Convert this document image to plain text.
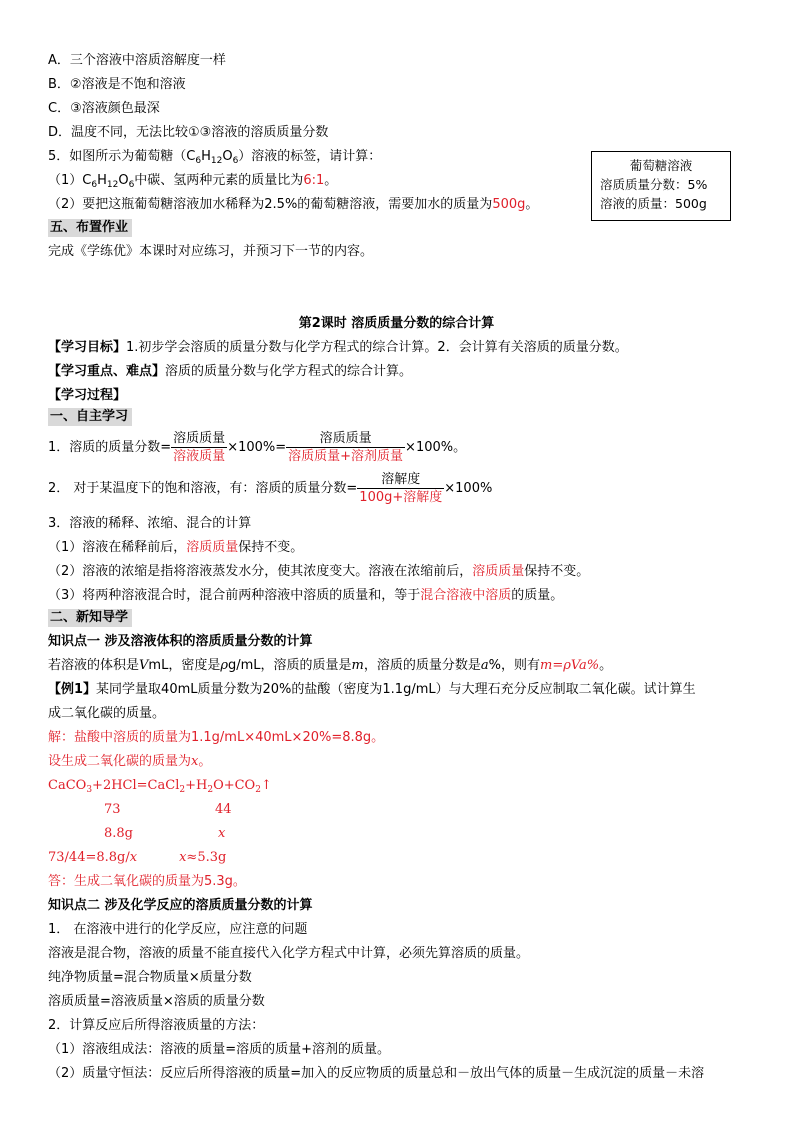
A．三个溶液中溶质溶解度一样
B．②溶液是不饱和溶液
C．③溶液颜色最深
D．温度不同，无法比较①③溶液的溶质质量分数
5．如图所示为葡萄糖$(C_6H_{12}O_6)$溶液的标签，请计算：
$(1)C_6H_{12}O_6$中碳、氢两种元素的质量比为6:1。
（2）要把这瓶葡萄糖溶液加水稀释为2.5%的葡萄糖溶液，需要加水的质量为500g。
葡萄糖溶液
溶质质量分数：5%
溶液的质量：500g
五、布置作业
完成《学练优》本课时对应练习，并预习下一节的内容。
第2课时 溶质质量分数的综合计算
【学习目标】1.初步学会溶质的质量分数与化学方程式的综合计算。2．会计算有关溶质的质量分数。
【学习重点、难点】溶质的质量分数与化学方程式的综合计算。
【学习过程】
一、自主学习
1．溶质的质量分数= $\frac{\text{溶质质量}}{\text{溶液质量}} \times 100\%= \frac{\text{溶质质量}}{\text{溶质质量+溶剂质量}} \times 100\%$。
2． 对于某温度下的饱和溶液，有：溶质的质量分数= $\frac{\text{溶解度}}{\text{100g+溶解度}} \times 100\%$
3．溶液的稀释、浓缩、混合的计算
（1）溶液在稀释前后，溶质质量保持不变。
（2）溶液的浓缩是指将溶液蒸发水分，使其浓度变大。溶液在浓缩前后，溶质质量保持不变。
（3）将两种溶液混合时，混合前两种溶液中溶质的质量和，等于混合溶液中溶质的质量。
二、新知导学
知识点一 涉及溶液体积的溶质质量分数的计算
若溶液的体积是VmL，密度是ρg/mL，溶质的质量是m，溶质的质量分数是a%，则有m=ρVa%。
【例1】某同学量取40mL质量分数为20%的盐酸（密度为1.1g/mL）与大理石充分反应制取二氧化碳。试计算生
成二氧化碳的质量。
解：盐酸中溶质的质量为1.1g/mL×40mL×20%=8.8g。
设生成二氧化碳的质量为x。
$CaCO_3+2HCl=CaCl_2+H_2O+CO_2↑$
73	44
8.8g	x
73/44=8.8g/x	x≈5.3g
答：生成二氧化碳的质量为5.3g。
知识点二 涉及化学反应的溶质质量分数的计算
1． 在溶液中进行的化学反应，应注意的问题
溶液是混合物，溶液的质量不能直接代入化学方程式中计算，必须先算溶质的质量。
纯净物质量=混合物质量×质量分数
溶质质量=溶液质量×溶质的质量分数
2．计算反应后所得溶液质量的方法：
（1）溶液组成法：溶液的质量=溶质的质量+溶剂的质量。
（2）质量守恒法：反应后所得溶液的质量=加入的反应物质的质量总和－放出气体的质量－生成沉淀的质量－未溶
